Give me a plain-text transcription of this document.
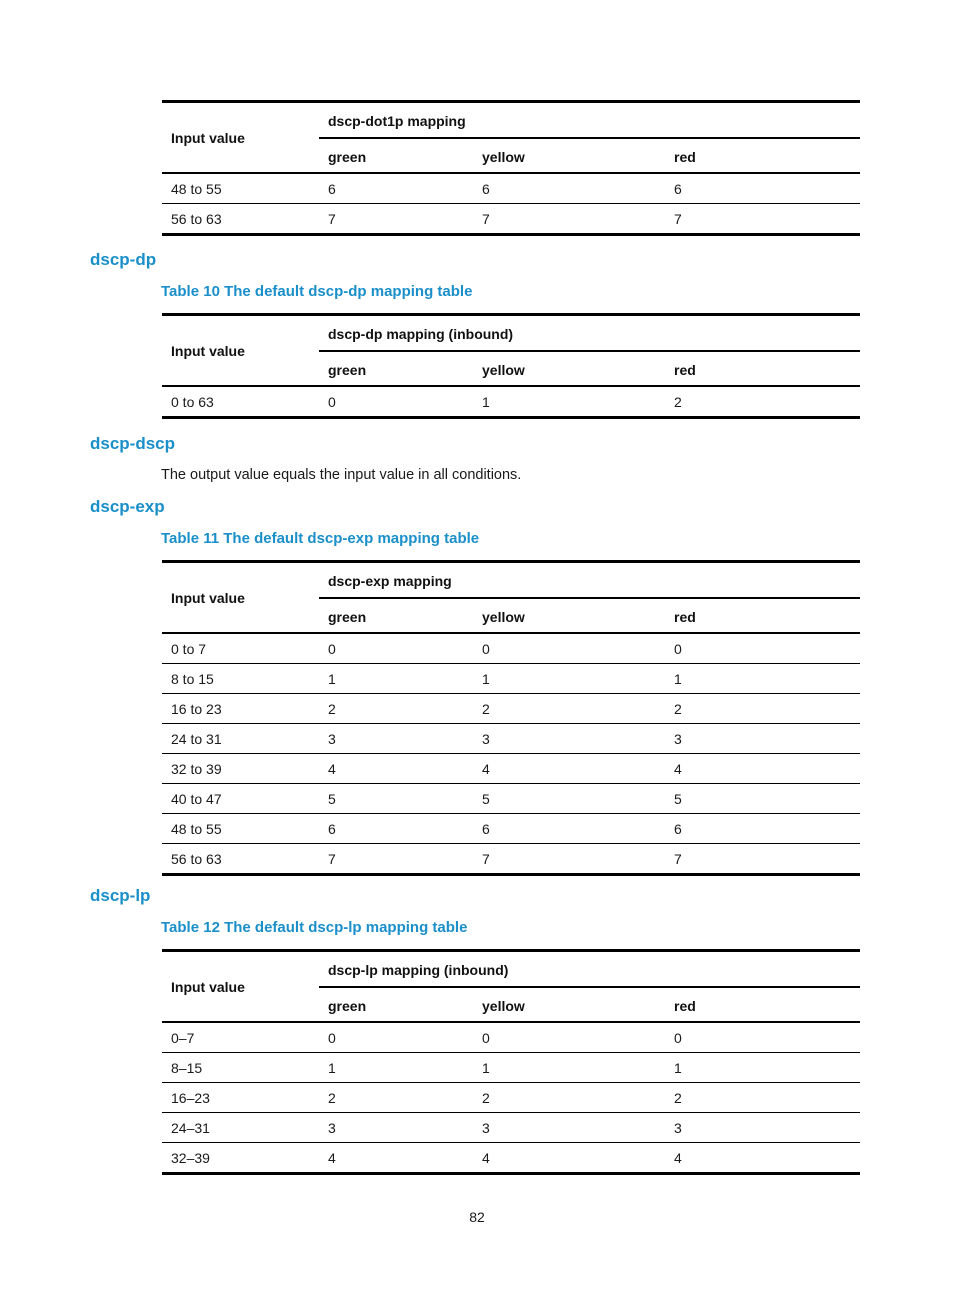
Input value	dscp-dot1p mapping		
	green	yellow	red
48 to 55	6	6	6
56 to 63	7	7	7
dscp-dp

Table 10 The default dscp-dp mapping table

Input value	dscp-dp mapping (inbound)		
	green	yellow	red
0 to 63	0	1	2
dscp-dscp

The output value equals the input value in all conditions.

dscp-exp

Table 11 The default dscp-exp mapping table

Input value	dscp-exp mapping		
	green	yellow	red
0 to 7	0	0	0
8 to 15	1	1	1
16 to 23	2	2	2
24 to 31	3	3	3
32 to 39	4	4	4
40 to 47	5	5	5
48 to 55	6	6	6
56 to 63	7	7	7
dscp-lp

Table 12 The default dscp-lp mapping table

Input value	dscp-lp mapping (inbound)		
	green	yellow	red
0–7	0	0	0
8–15	1	1	1
16–23	2	2	2
24–31	3	3	3
32–39	4	4	4
82
